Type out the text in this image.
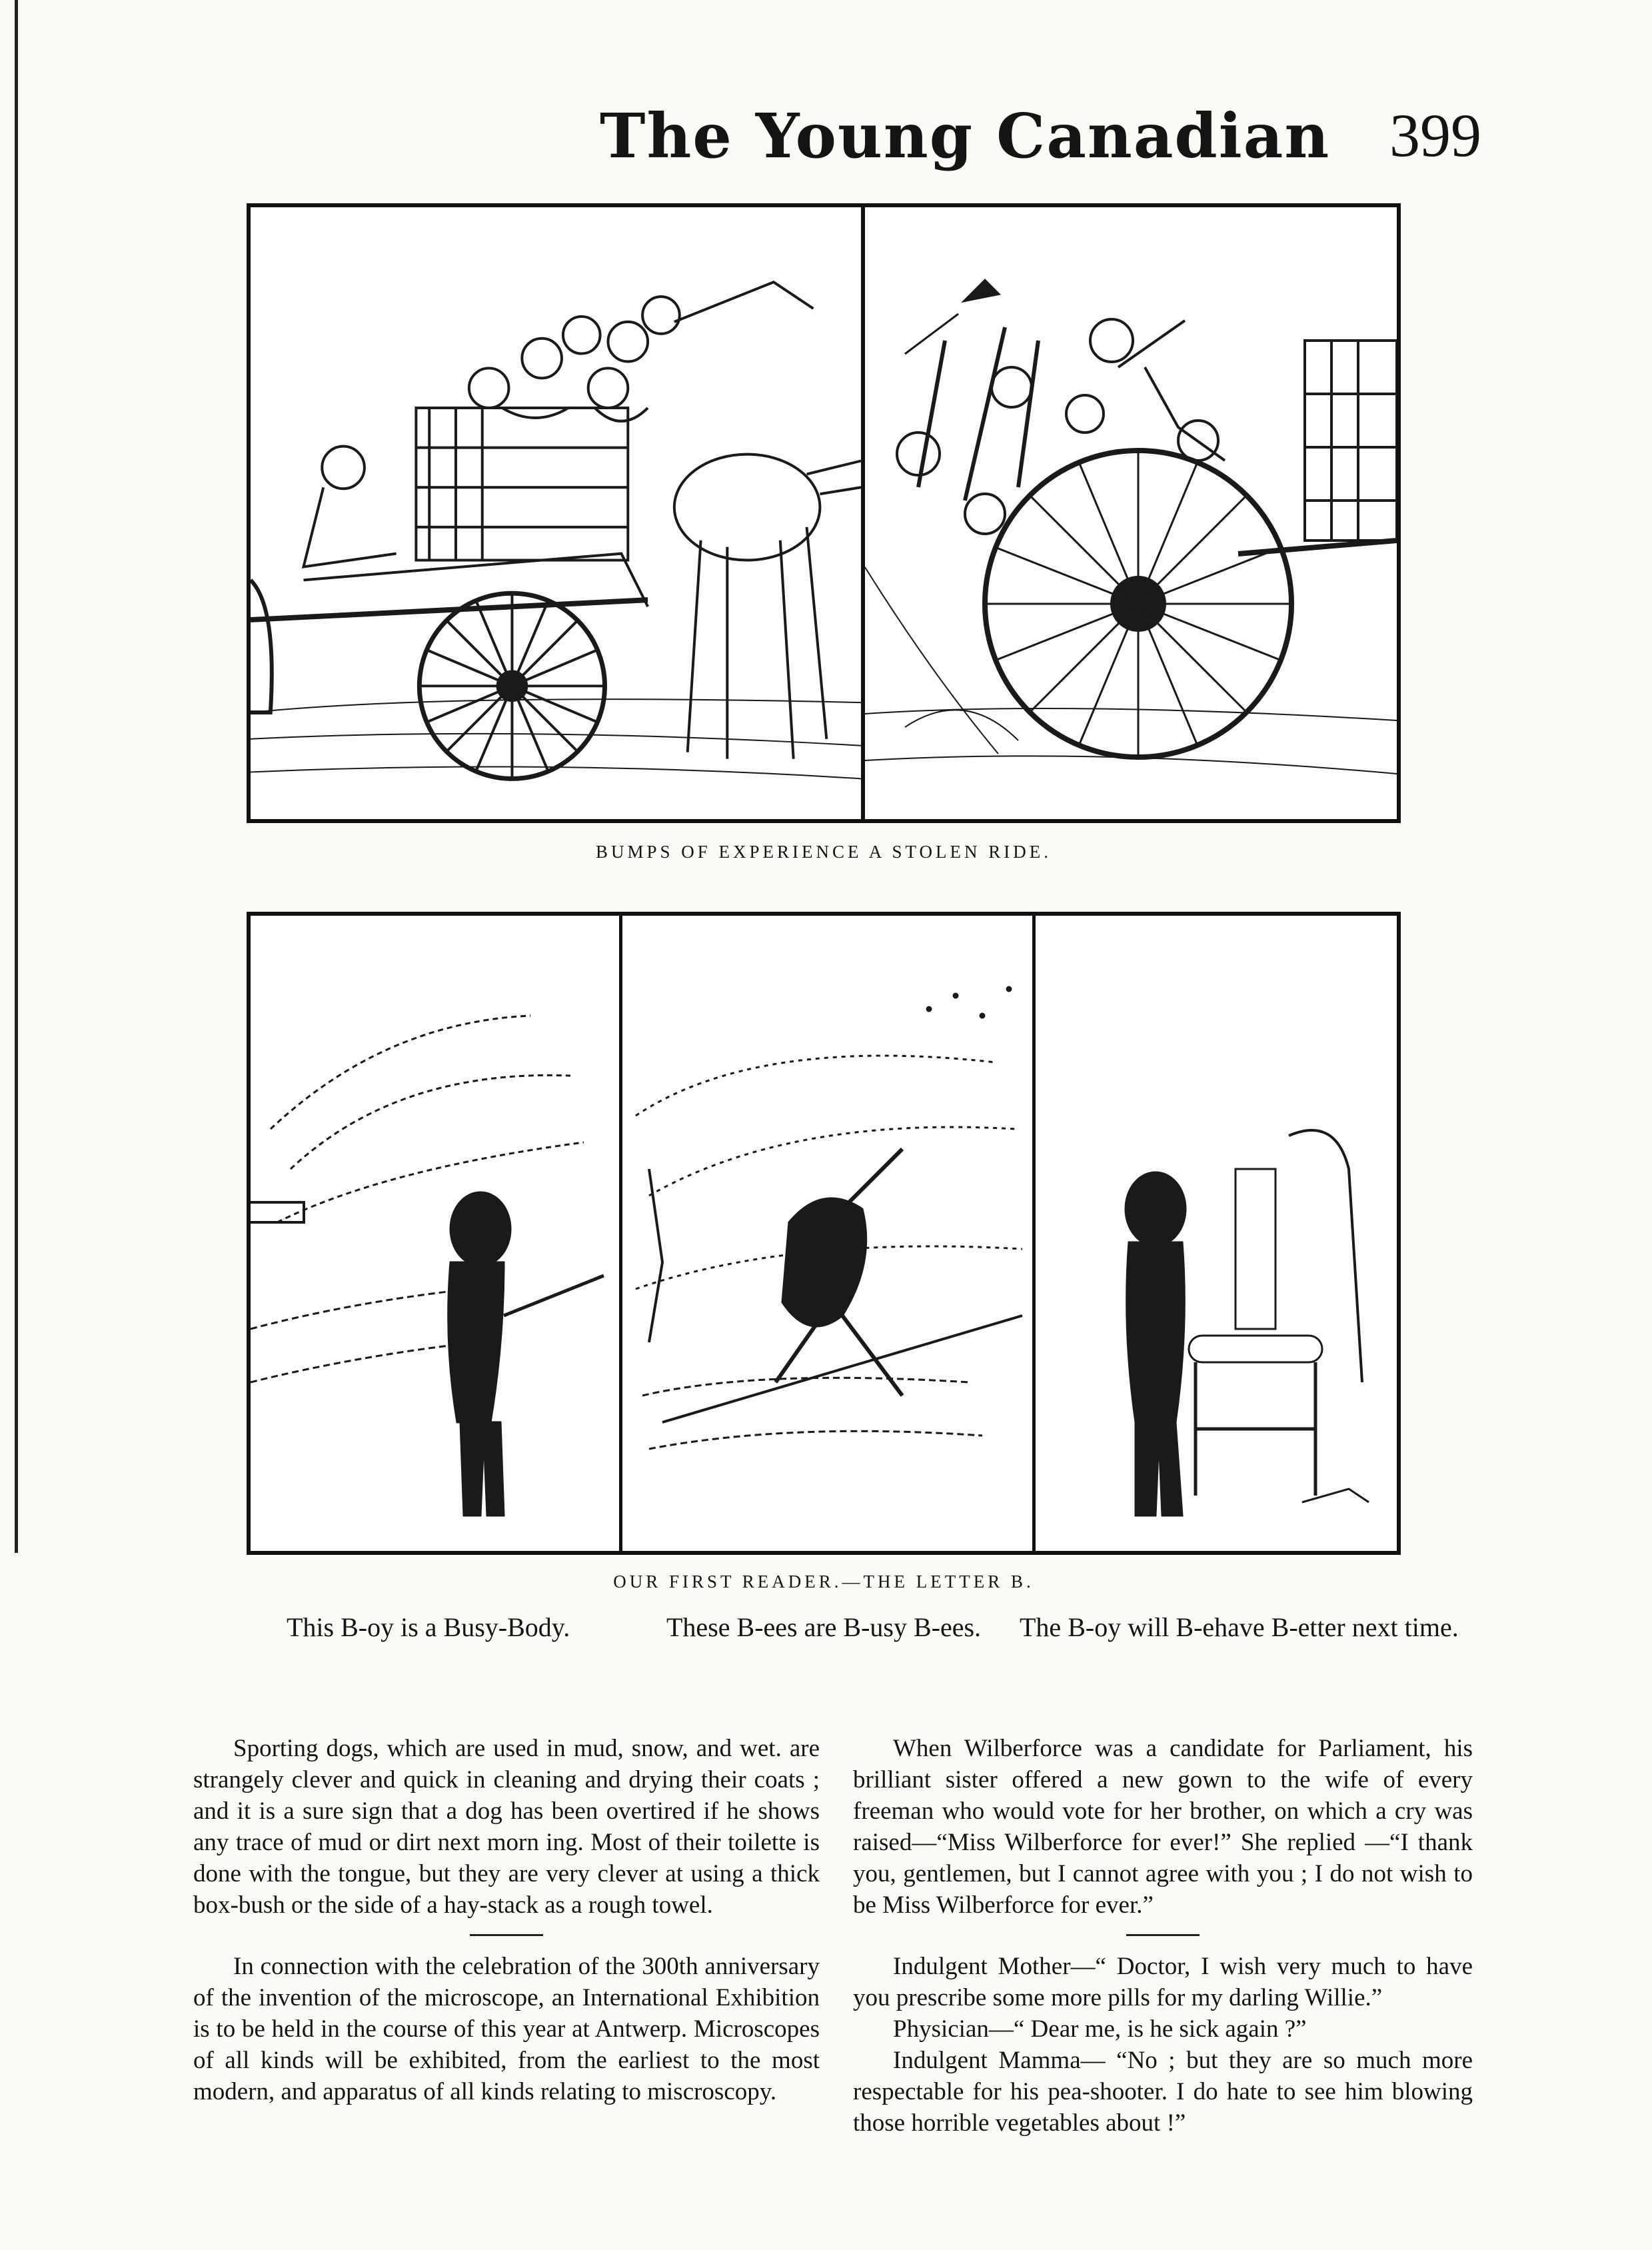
The Young Canadian 399
BUMPS OF EXPERIENCE A STOLEN RIDE.
OUR FIRST READER.—THE LETTER B.
This B-oy is a Busy-Body.	These B-ees are B-usy B-ees.	The B-oy will B-ehave B-etter next time.

Sporting dogs, which are used in mud, snow, and wet. are strangely clever and quick in cleaning and drying their coats ; and it is a sure sign that a dog has been overtired if he shows any trace of mud or dirt next morn ing. Most of their toilette is done with the tongue, but they are very clever at using a thick box-bush or the side of a hay-stack as a rough towel.

In connection with the celebration of the 300th anniversary of the invention of the microscope, an International Exhibition is to be held in the course of this year at Antwerp. Microscopes of all kinds will be exhibited, from the earliest to the most modern, and apparatus of all kinds relating to miscroscopy.

When Wilberforce was a candidate for Parliament, his brilliant sister offered a new gown to the wife of every freeman who would vote for her brother, on which a cry was raised—“Miss Wilberforce for ever!” She replied —“I thank you, gentlemen, but I cannot agree with you ; I do not wish to be Miss Wilberforce for ever.”

Indulgent Mother—“ Doctor, I wish very much to have you prescribe some more pills for my darling Willie.”

Physician—“ Dear me, is he sick again ?”

Indulgent Mamma— “No ; but they are so much more respectable for his pea-shooter. I do hate to see him blowing those horrible vegetables about !”
